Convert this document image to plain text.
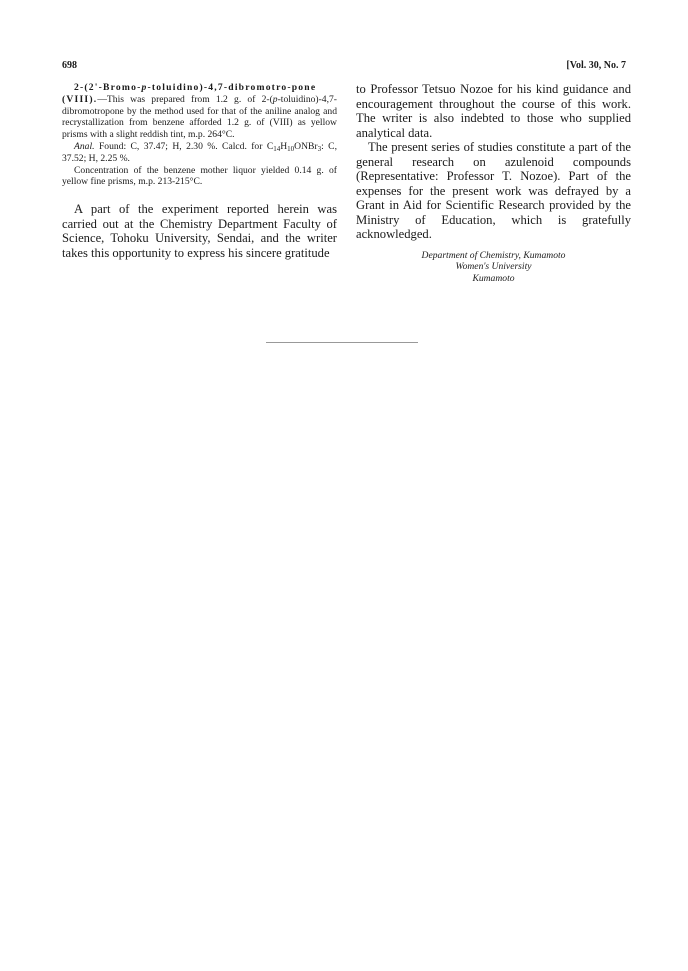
698	[Vol. 30, No. 7

2-(2'-Bromo-p-toluidino)-4,7-dibromotro-pone (VIII).—This was prepared from 1.2 g. of 2-(p-toluidino)-4,7-dibromotropone by the method used for that of the aniline analog and recrystallization from benzene afforded 1.2 g. of (VIII) as yellow prisms with a slight reddish tint, m.p. 264°C.

Anal. Found: C, 37.47; H, 2.30 %. Calcd. for $C_{14}H_{10}ONBr_3$: C, 37.52; H, 2.25 %.

Concentration of the benzene mother liquor yielded 0.14 g. of yellow fine prisms, m.p. 213-215°C.

A part of the experiment reported herein was carried out at the Chemistry Department Faculty of Science, Tohoku University, Sendai, and the writer takes this opportunity to express his sincere gratitude

to Professor Tetsuo Nozoe for his kind guidance and encouragement throughout the course of this work. The writer is also indebted to those who supplied analytical data.

The present series of studies constitute a part of the general research on azulenoid compounds (Representative: Professor T. Nozoe). Part of the expenses for the present work was defrayed by a Grant in Aid for Scientific Research provided by the Ministry of Education, which is gratefully acknowledged.

Department of Chemistry, Kumamoto
Women's University
Kumamoto
